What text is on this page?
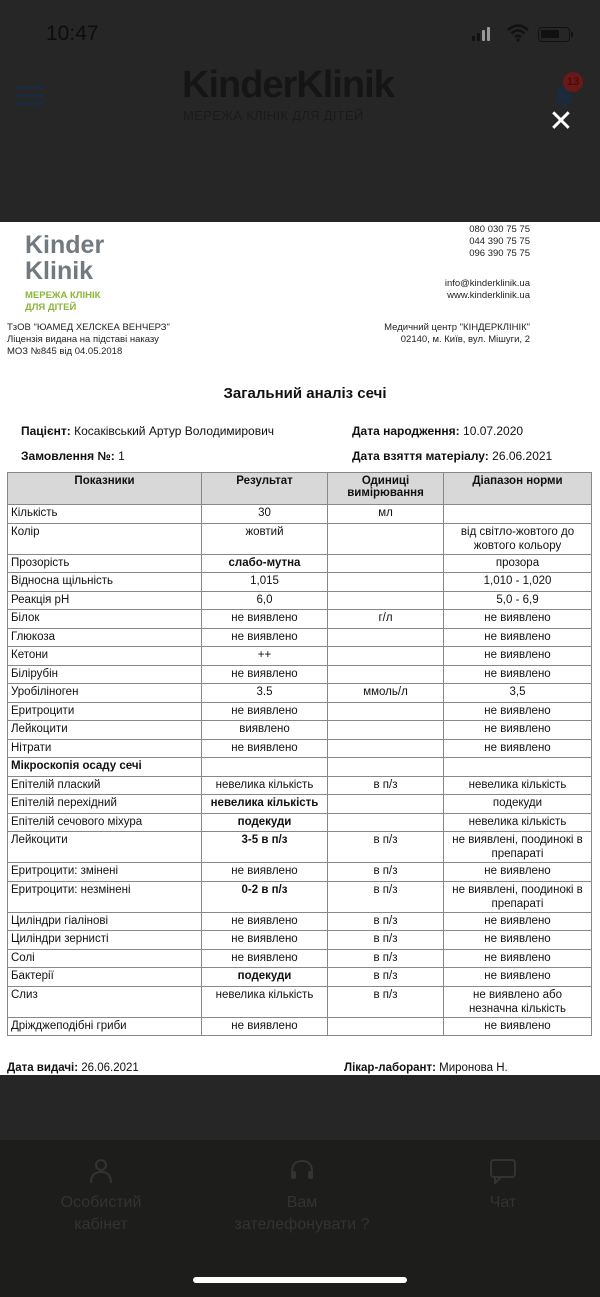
10:47
KinderKlinik
МЕРЕЖА КЛІНІК ДЛЯ ДІТЕЙ
13
✕
Kinder
Klinik
МЕРЕЖА КЛІНІК
ДЛЯ ДІТЕЙ
080 030 75 75
044 390 75 75
096 390 75 75
info@kinderklinik.ua
www.kinderklinik.ua
ТзОВ "ЮАМЕД ХЕЛСКЕА ВЕНЧЕРЗ"
Ліцензія видана на підставі наказу
МОЗ №845 від 04.05.2018
Медичний центр "КІНДЕРКЛІНІК"
02140, м. Київ, вул. Мішуги, 2
Загальний аналіз сечі
Пацієнт: Косаківський Артур Володимирович	Дата народження: 10.07.2020
Замовлення №: 1	Дата взяття матеріалу: 26.06.2021
Показники	Результат	Одиниці вимірювання	Діапазон норми
Кількість	30	мл	
Колір	жовтий		від світло-жовтого до жовтого кольору
Прозорість	слабо-мутна		прозора
Відносна щільність	1,015		1,010 - 1,020
Реакція pH	6,0		5,0 - 6,9
Білок	не виявлено	г/л	не виявлено
Глюкоза	не виявлено		не виявлено
Кетони	++		не виявлено
Білірубін	не виявлено		не виявлено
Уробіліноген	3.5	ммоль/л	3,5
Еритроцити	не виявлено		не виявлено
Лейкоцити	виявлено		не виявлено
Нітрати	не виявлено		не виявлено
Мікроскопія осаду сечі			
Епітелій плаский	невелика кількість	в п/з	невелика кількість
Епітелій перехідний	невелика кількість		подекуди
Епітелій сечового міхура	подекуди		невелика кількість
Лейкоцити	3-5 в п/з	в п/з	не виявлені, поодинокі в препараті
Еритроцити: змінені	не виявлено	в п/з	не виявлено
Еритроцити: незмінені	0-2 в п/з	в п/з	не виявлені, поодинокі в препараті
Циліндри гіалінові	не виявлено	в п/з	не виявлено
Циліндри зернисті	не виявлено	в п/з	не виявлено
Солі	не виявлено	в п/з	не виявлено
Бактерії	подекуди	в п/з	не виявлено
Слиз	невелика кількість	в п/з	не виявлено або незначна кількість
Дріжджеподібні гриби	не виявлено		не виявлено
Дата видачі: 26.06.2021	Лікар-лаборант: Миронова Н.
Особистий
кабінет
Вам
зателефонувати ?
Чат
